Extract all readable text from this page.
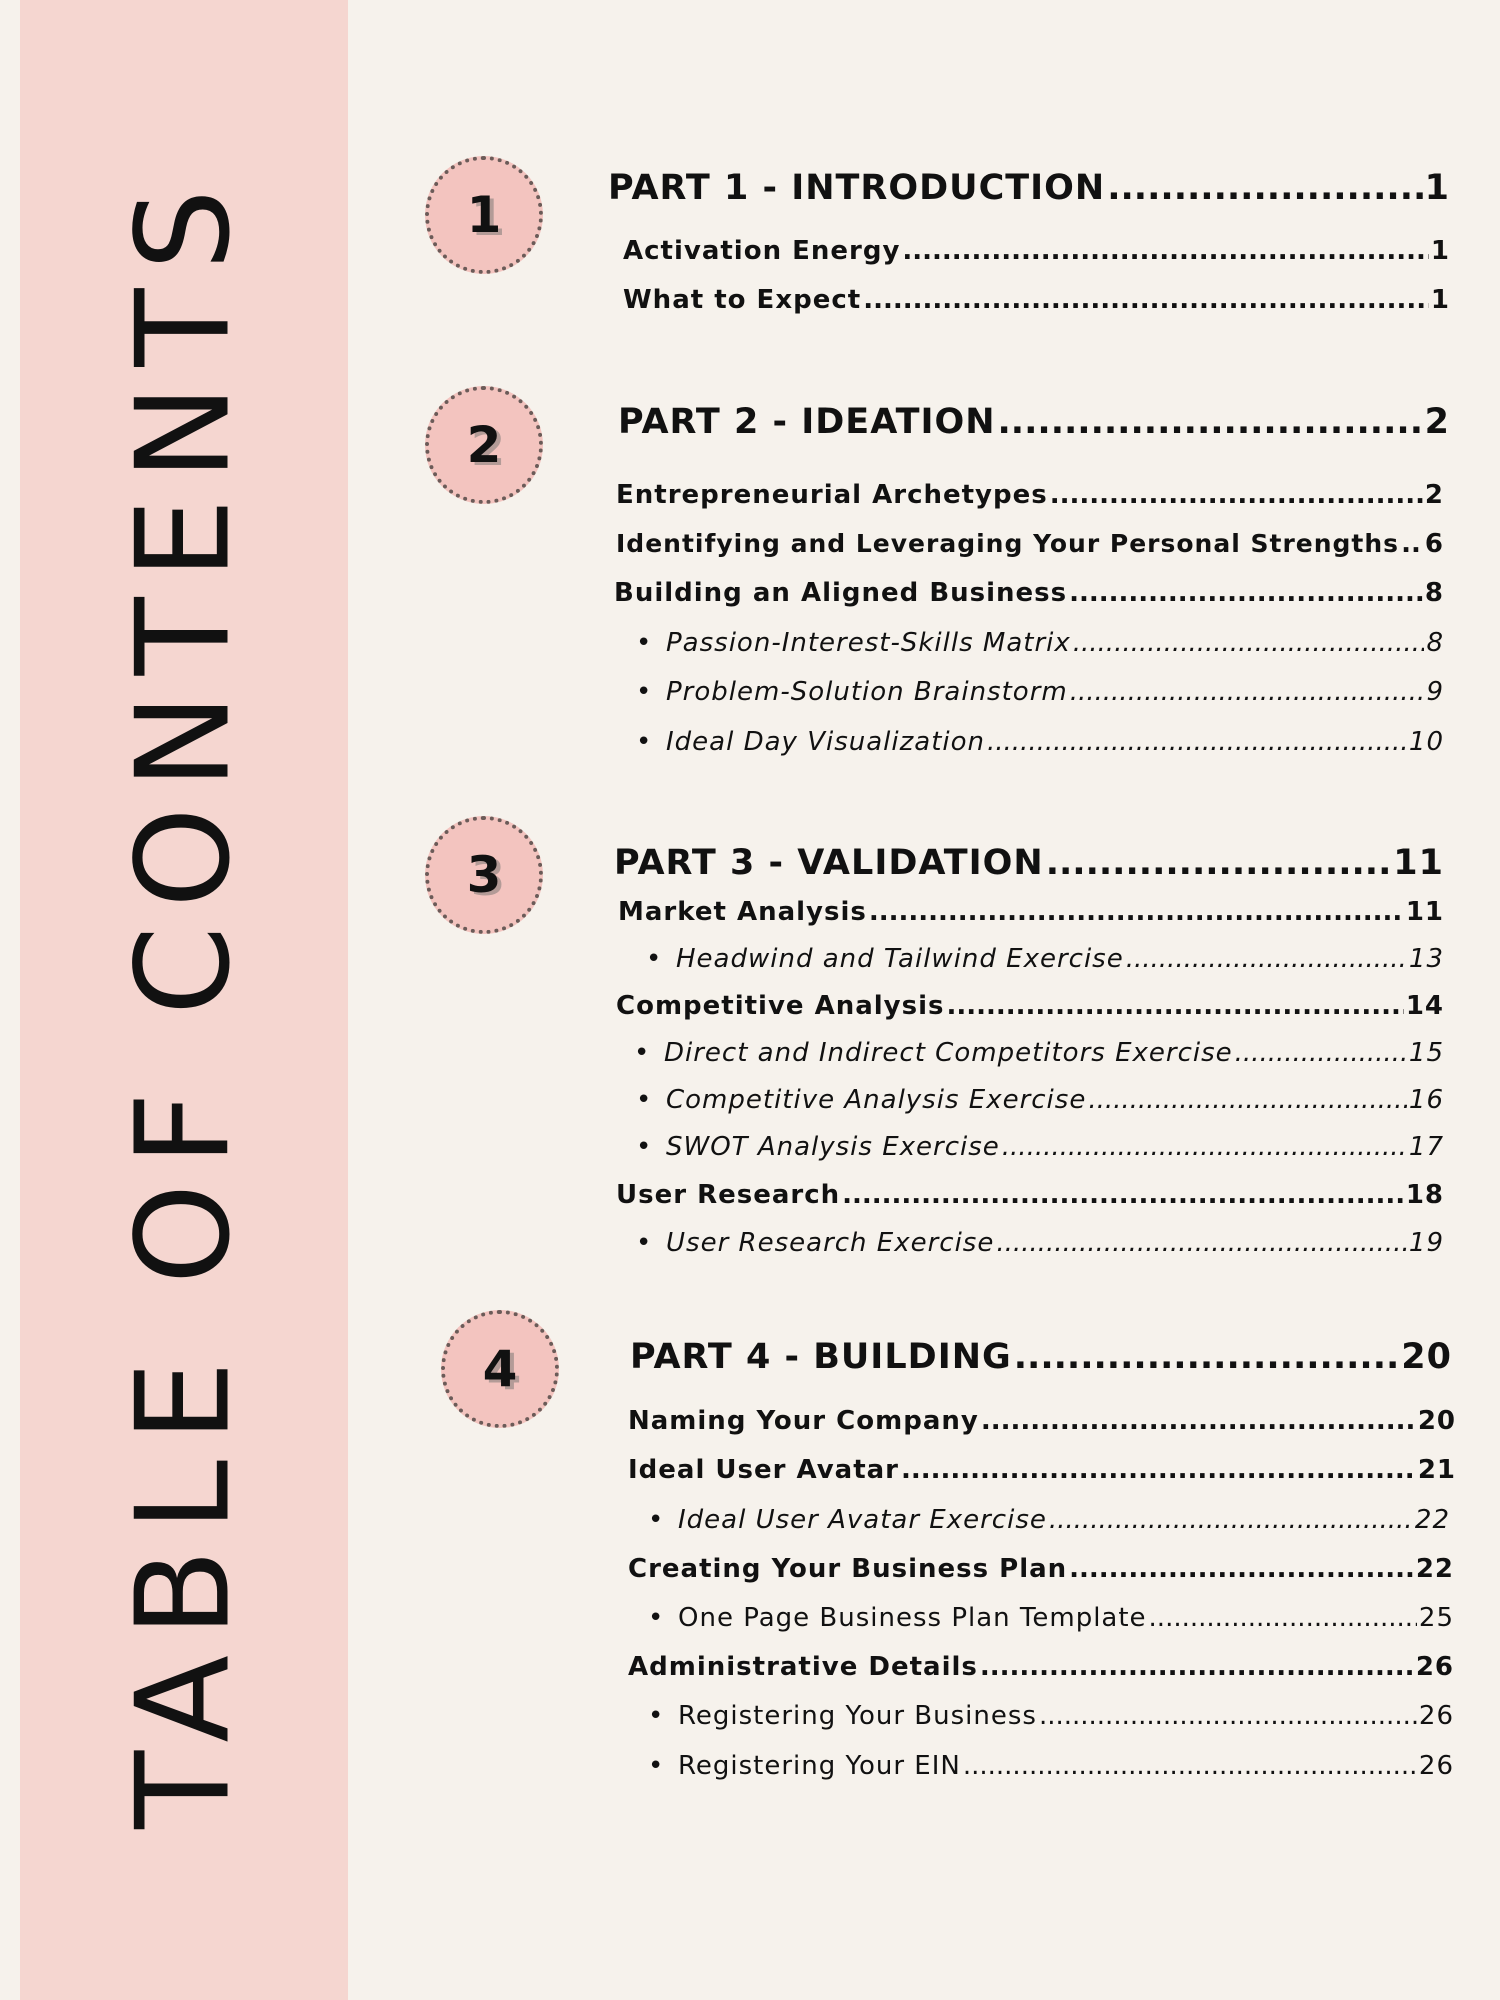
TABLE OF CONTENTS	1	PART 1 - INTRODUCTION .....	1
Activation Energy .....	1
What to Expect .....	1
2	PART 2 - IDEATION .....	2
Entrepreneurial Archetypes .....	2
Identifying and Leveraging Your Personal Strengths ..... 6
Building an Aligned Business .....	8
• Passion-Interest-Skills Matrix .....	8
• Problem-Solution Brainstorm .....	9
• Ideal Day Visualization .....	10
3	PART 3 - VALIDATION .....	11
Market Analysis .....	11
• Headwind and Tailwind Exercise .....	13
Competitive Analysis .....	14
• Direct and Indirect Competitors Exercise .....	15
• Competitive Analysis Exercise .....	16
• SWOT Analysis Exercise .....	17
User Research .....	18
• User Research Exercise .....	19
4	PART 4 - BUILDING .....	20
Naming Your Company .....	20
Ideal User Avatar .....	21
• Ideal User Avatar Exercise .....	22
Creating Your Business Plan .....	22
• One Page Business Plan Template .....	25
Administrative Details .....	26
• Registering Your Business .....	26
• Registering Your EIN .....	26
